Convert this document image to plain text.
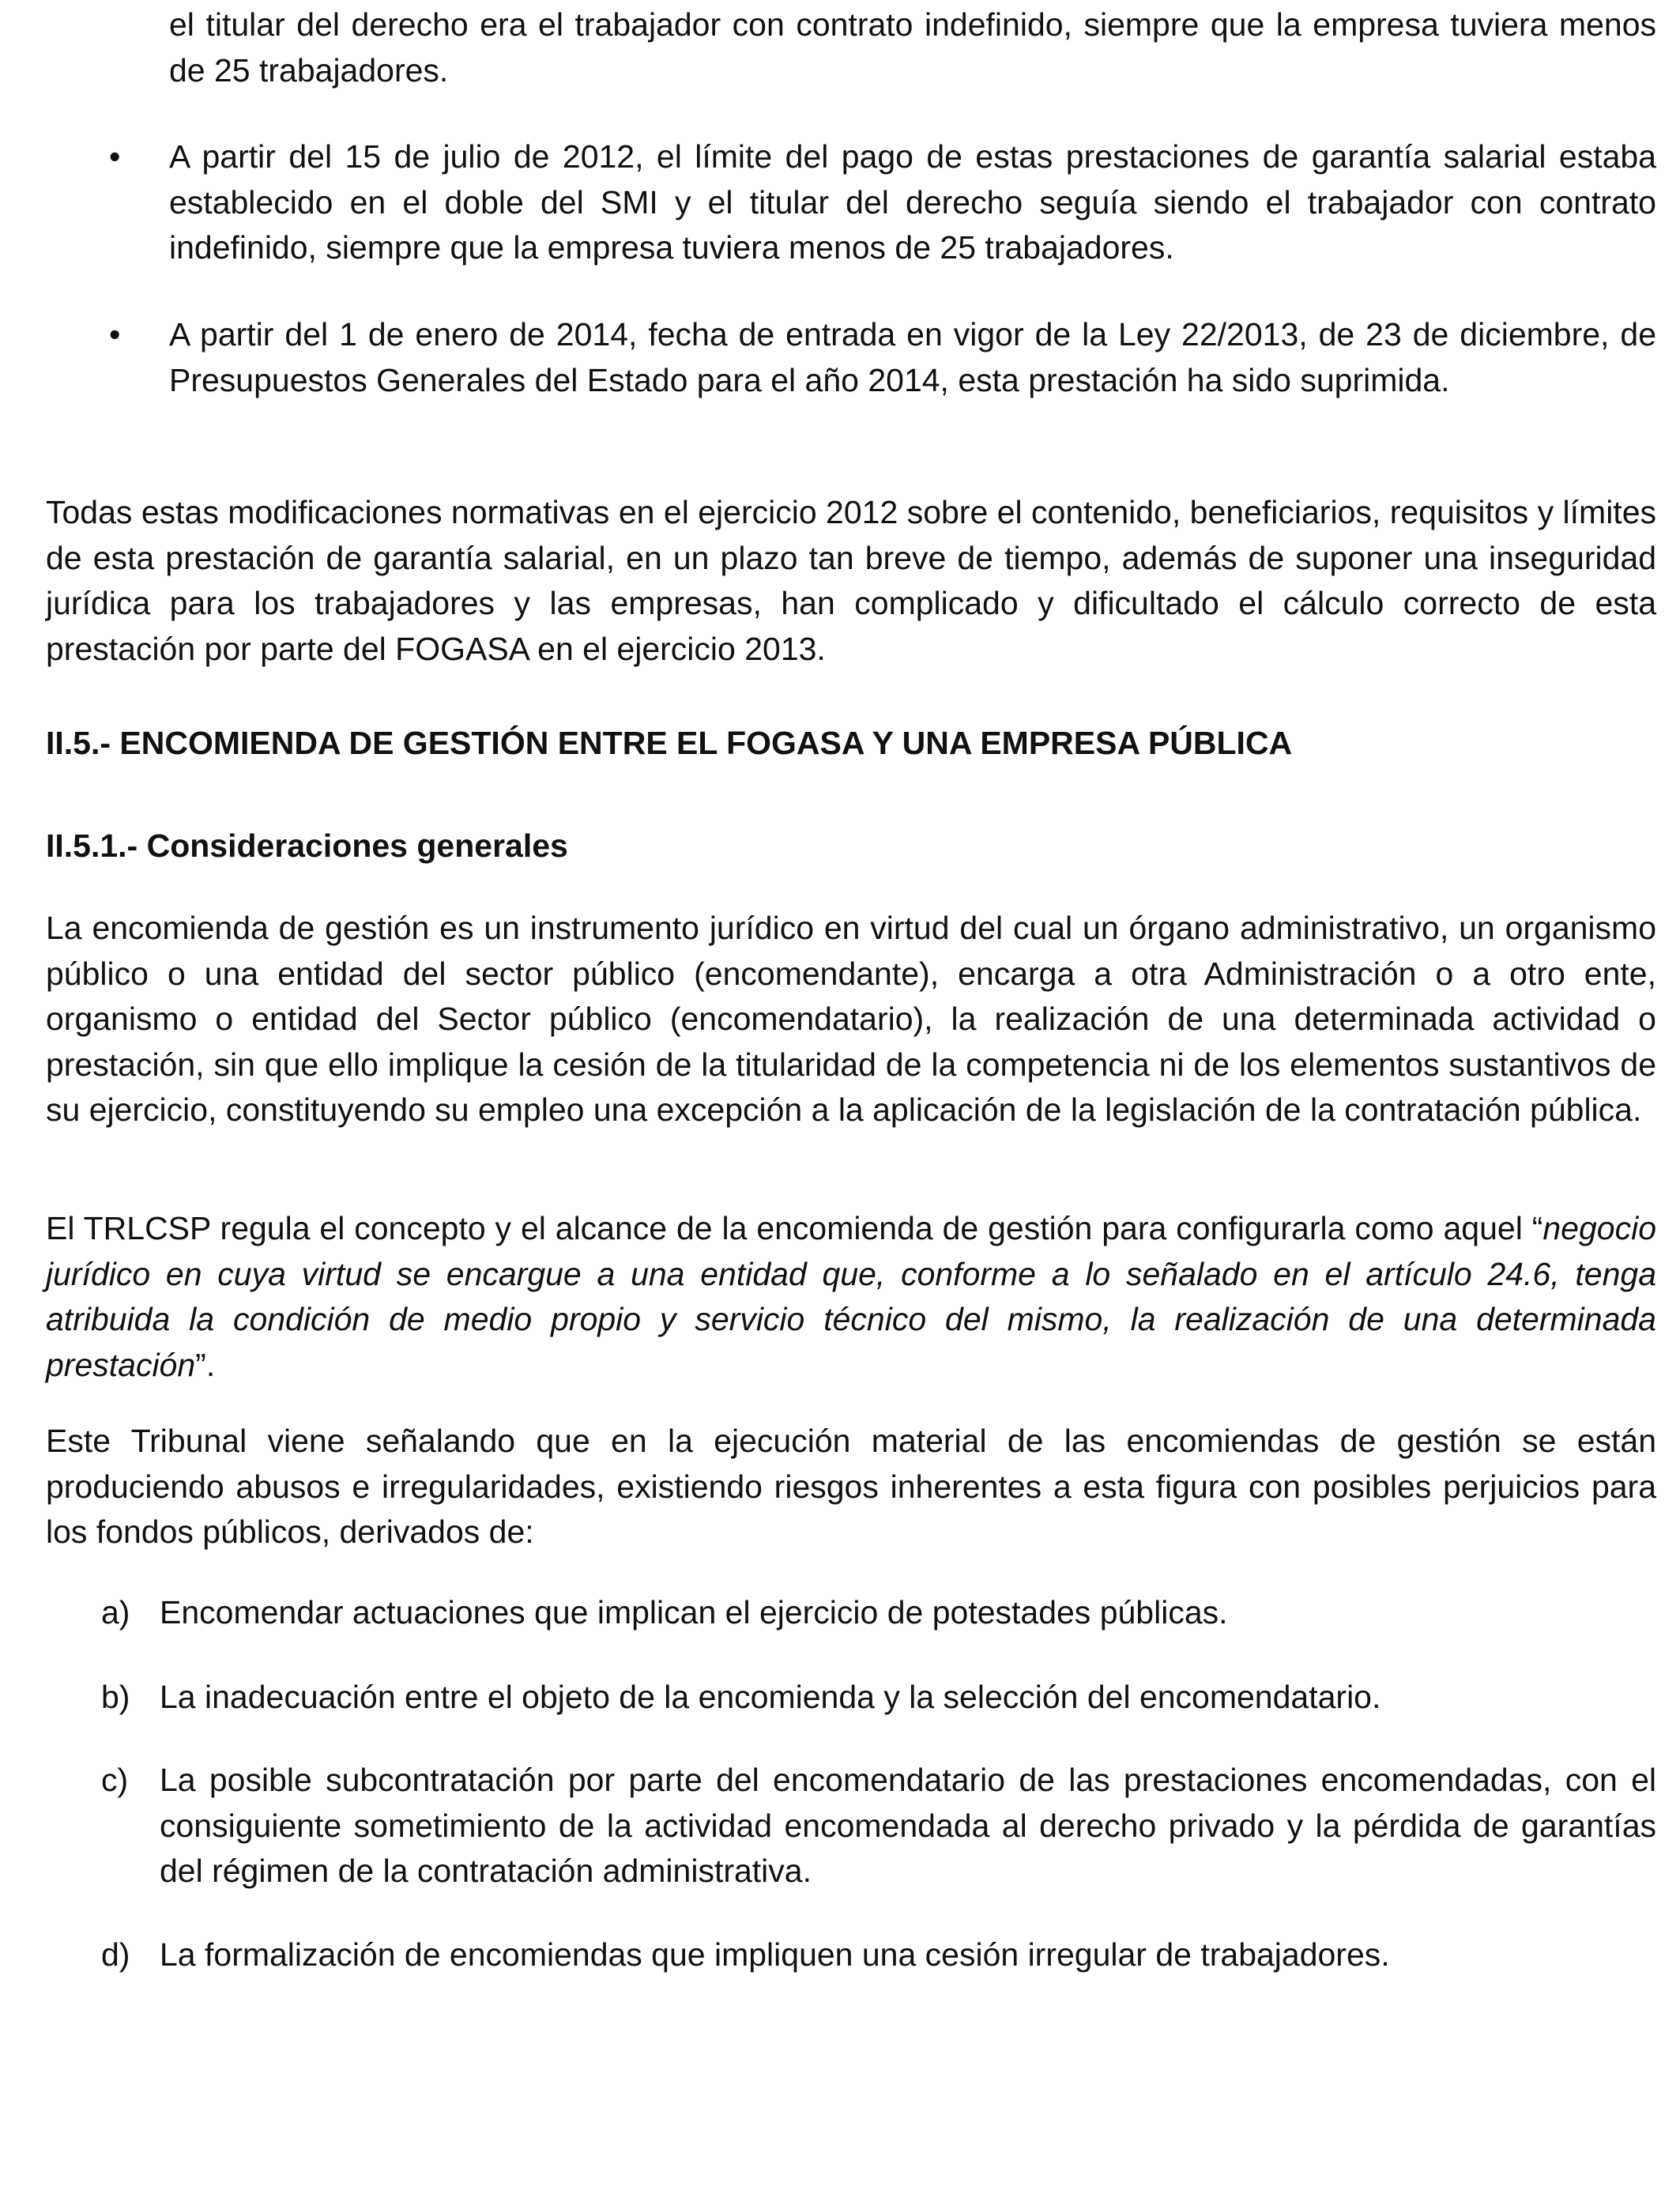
el titular del derecho era el trabajador con contrato indefinido, siempre que la empresa tuviera menos de 25 trabajadores.

• A partir del 15 de julio de 2012, el límite del pago de estas prestaciones de garantía salarial estaba establecido en el doble del SMI y el titular del derecho seguía siendo el trabajador con contrato indefinido, siempre que la empresa tuviera menos de 25 trabajadores.

• A partir del 1 de enero de 2014, fecha de entrada en vigor de la Ley 22/2013, de 23 de diciembre, de Presupuestos Generales del Estado para el año 2014, esta prestación ha sido suprimida.

Todas estas modificaciones normativas en el ejercicio 2012 sobre el contenido, beneficiarios, requisitos y límites de esta prestación de garantía salarial, en un plazo tan breve de tiempo, además de suponer una inseguridad jurídica para los trabajadores y las empresas, han complicado y dificultado el cálculo correcto de esta prestación por parte del FOGASA en el ejercicio 2013.

II.5.- ENCOMIENDA DE GESTIÓN ENTRE EL FOGASA Y UNA EMPRESA PÚBLICA

II.5.1.- Consideraciones generales

La encomienda de gestión es un instrumento jurídico en virtud del cual un órgano administrativo, un organismo público o una entidad del sector público (encomendante), encarga a otra Administración o a otro ente, organismo o entidad del Sector público (encomendatario), la realización de una determinada actividad o prestación, sin que ello implique la cesión de la titularidad de la competencia ni de los elementos sustantivos de su ejercicio, constituyendo su empleo una excepción a la aplicación de la legislación de la contratación pública.

El TRLCSP regula el concepto y el alcance de la encomienda de gestión para configurarla como aquel “negocio jurídico en cuya virtud se encargue a una entidad que, conforme a lo señalado en el artículo 24.6, tenga atribuida la condición de medio propio y servicio técnico del mismo, la realización de una determinada prestación”.

Este Tribunal viene señalando que en la ejecución material de las encomiendas de gestión se están produciendo abusos e irregularidades, existiendo riesgos inherentes a esta figura con posibles perjuicios para los fondos públicos, derivados de:

a) Encomendar actuaciones que implican el ejercicio de potestades públicas.

b) La inadecuación entre el objeto de la encomienda y la selección del encomendatario.

c) La posible subcontratación por parte del encomendatario de las prestaciones encomendadas, con el consiguiente sometimiento de la actividad encomendada al derecho privado y la pérdida de garantías del régimen de la contratación administrativa.

d) La formalización de encomiendas que impliquen una cesión irregular de trabajadores.
